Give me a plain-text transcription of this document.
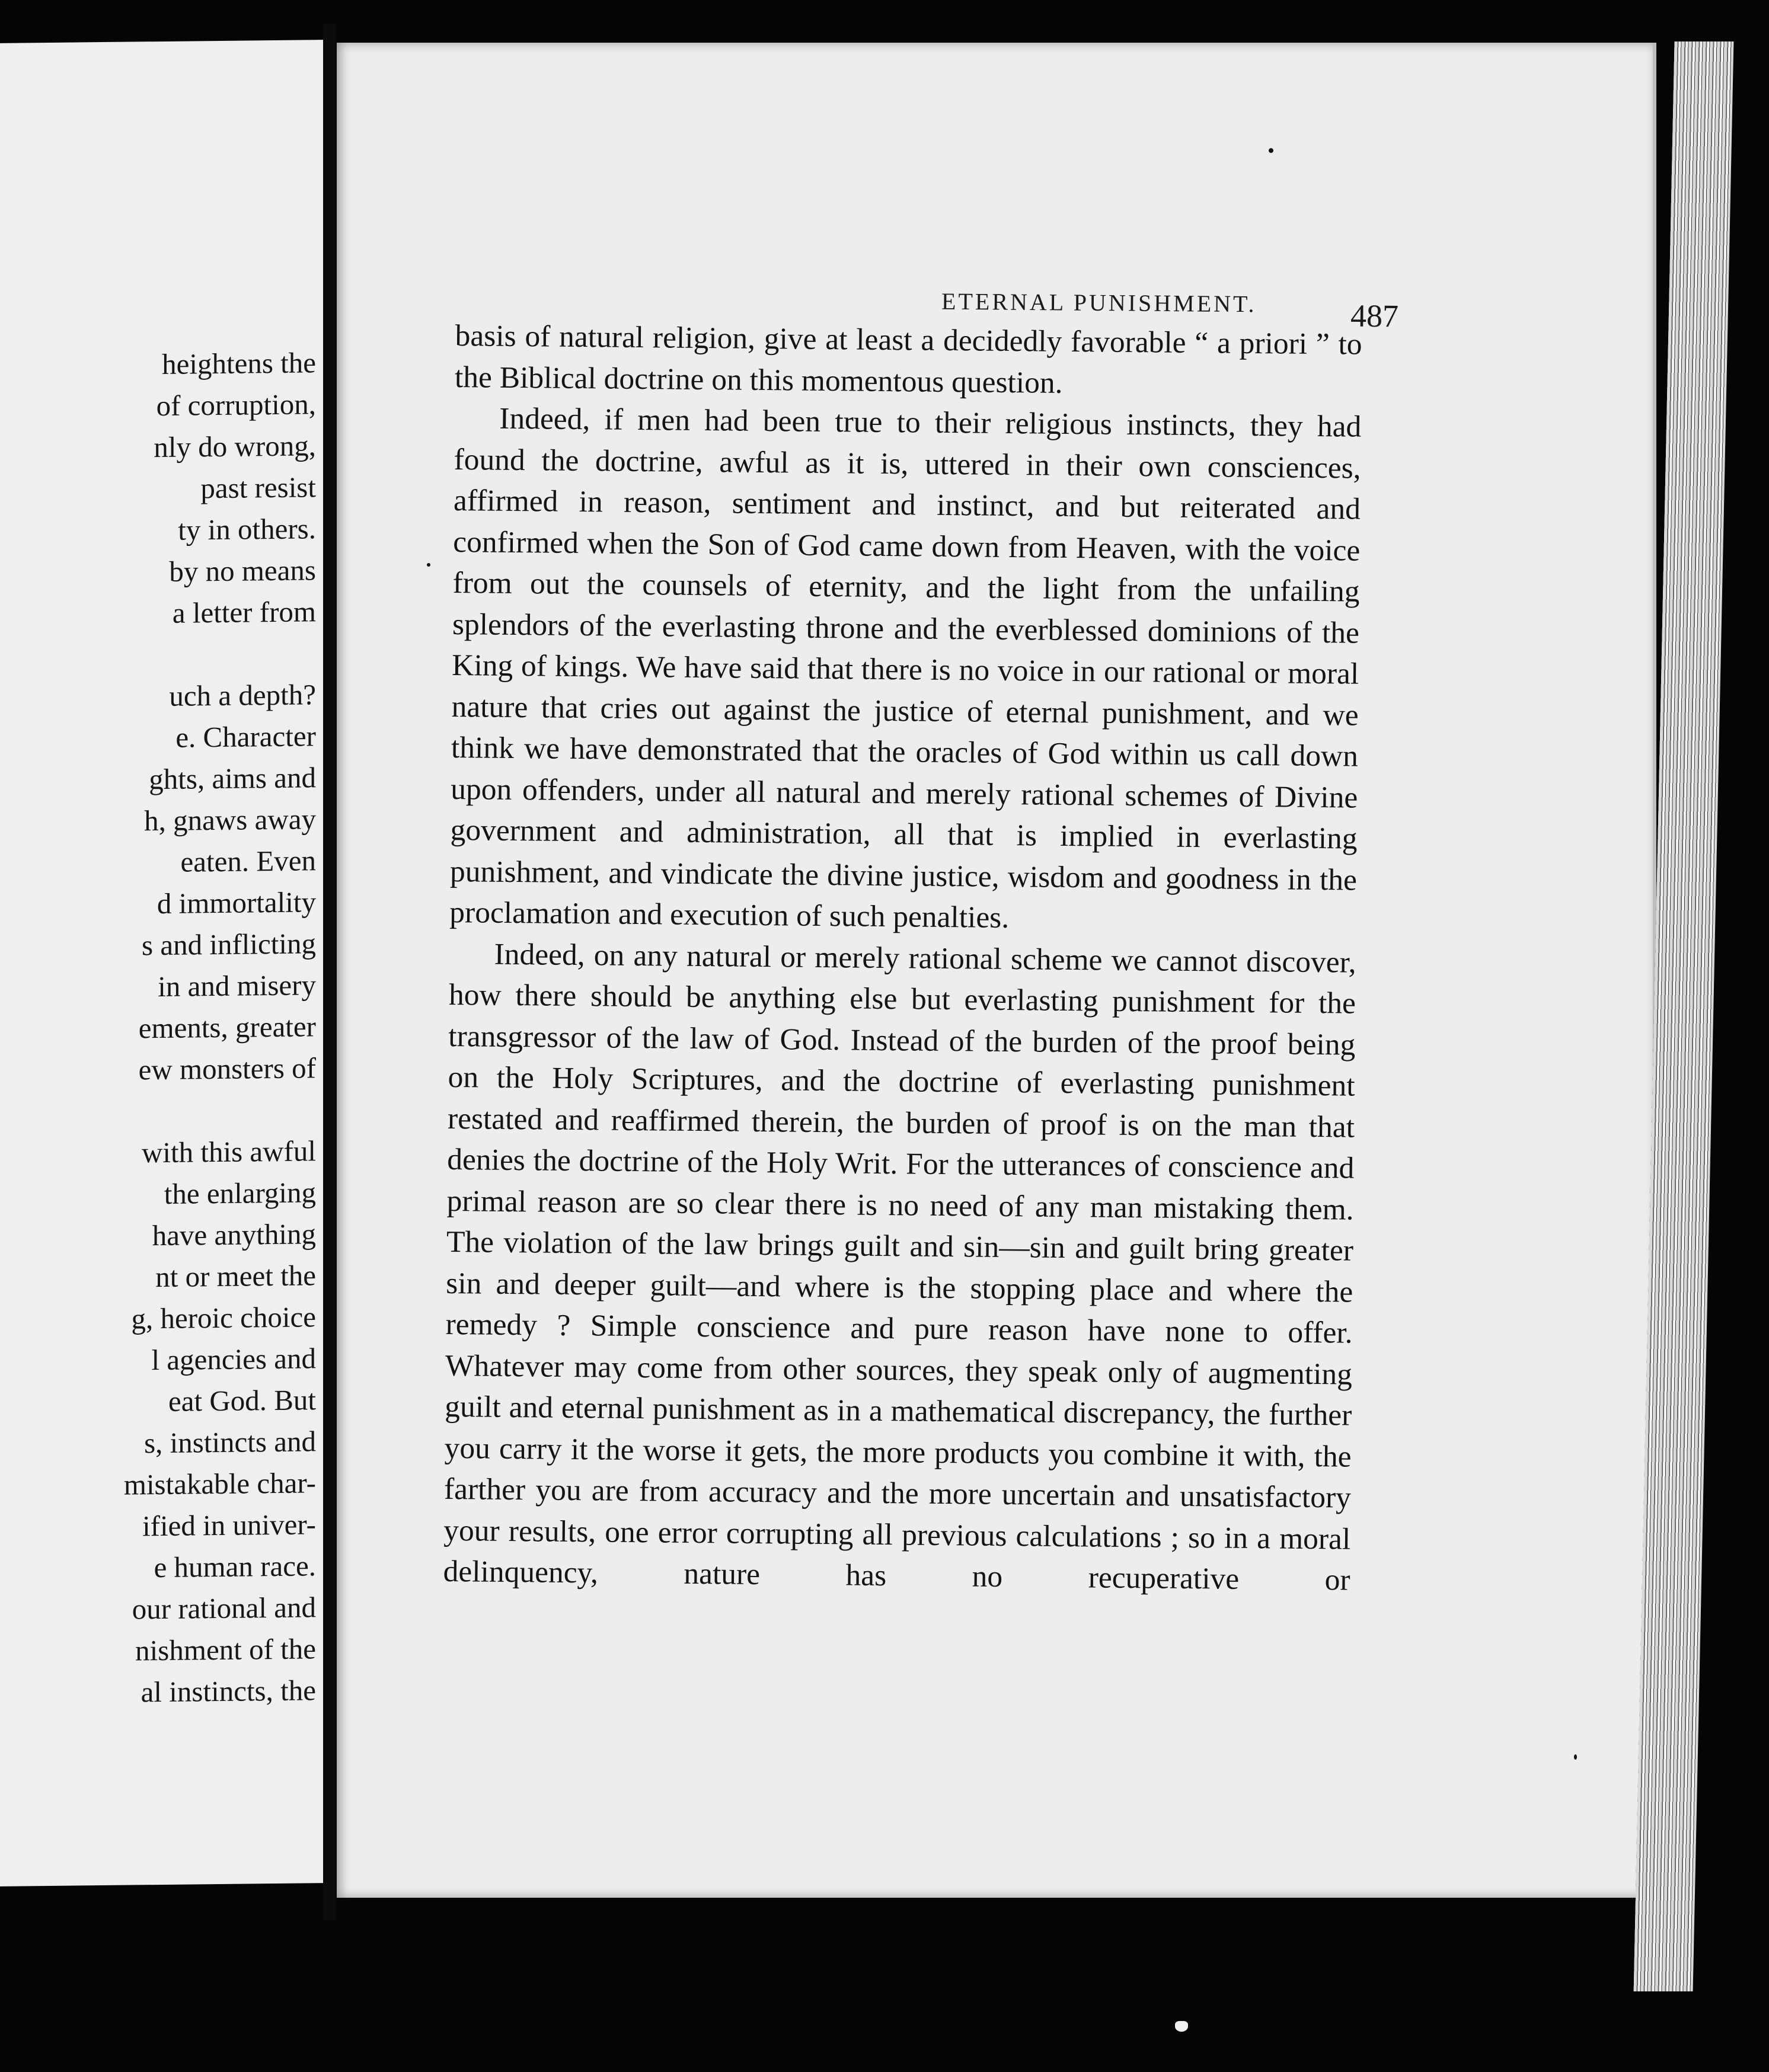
heightens the
of corruption,
nly do wrong,
past resist
ty in others.
by no means
a letter from
uch a depth?
e. Character
ghts, aims and
h, gnaws away
eaten. Even
d immortality
s and inflicting
in and misery
ements, greater
ew monsters of
with this awful
the enlarging
have anything
nt or meet the
g, heroic choice
l agencies and
eat God. But
s, instincts and
mistakable char-
ified in univer-
e human race.
our rational and
nishment of the
al instincts, the
ETERNAL PUNISHMENT.	487

basis of natural religion, give at least a decidedly favorable “ a priori ” to the Biblical doctrine on this momentous question.

Indeed, if men had been true to their religious instincts, they had found the doctrine, awful as it is, uttered in their own consciences, affirmed in reason, sentiment and instinct, and but reiterated and confirmed when the Son of God came down from Heaven, with the voice from out the counsels of eternity, and the light from the unfailing splendors of the everlasting throne and the everblessed dominions of the King of kings. We have said that there is no voice in our rational or moral nature that cries out against the justice of eternal punishment, and we think we have demonstrated that the oracles of God within us call down upon offenders, under all natural and merely rational schemes of Divine government and administration, all that is implied in everlasting punishment, and vindicate the divine justice, wisdom and goodness in the proclamation and execution of such penalties.

Indeed, on any natural or merely rational scheme we cannot discover, how there should be anything else but everlasting punishment for the transgressor of the law of God. Instead of the burden of the proof being on the Holy Scriptures, and the doctrine of everlasting punishment restated and reaffirmed therein, the burden of proof is on the man that denies the doctrine of the Holy Writ. For the utterances of conscience and primal reason are so clear there is no need of any man mistaking them. The violation of the law brings guilt and sin—sin and guilt bring greater sin and deeper guilt—and where is the stopping place and where the remedy ? Simple conscience and pure reason have none to offer. Whatever may come from other sources, they speak only of augmenting guilt and eternal punishment as in a mathematical discrepancy, the further you carry it the worse it gets, the more products you combine it with, the farther you are from accuracy and the more uncertain and unsatisfactory your results, one error corrupting all previous calculations ; so in a moral delinquency, nature has no recuperative or
